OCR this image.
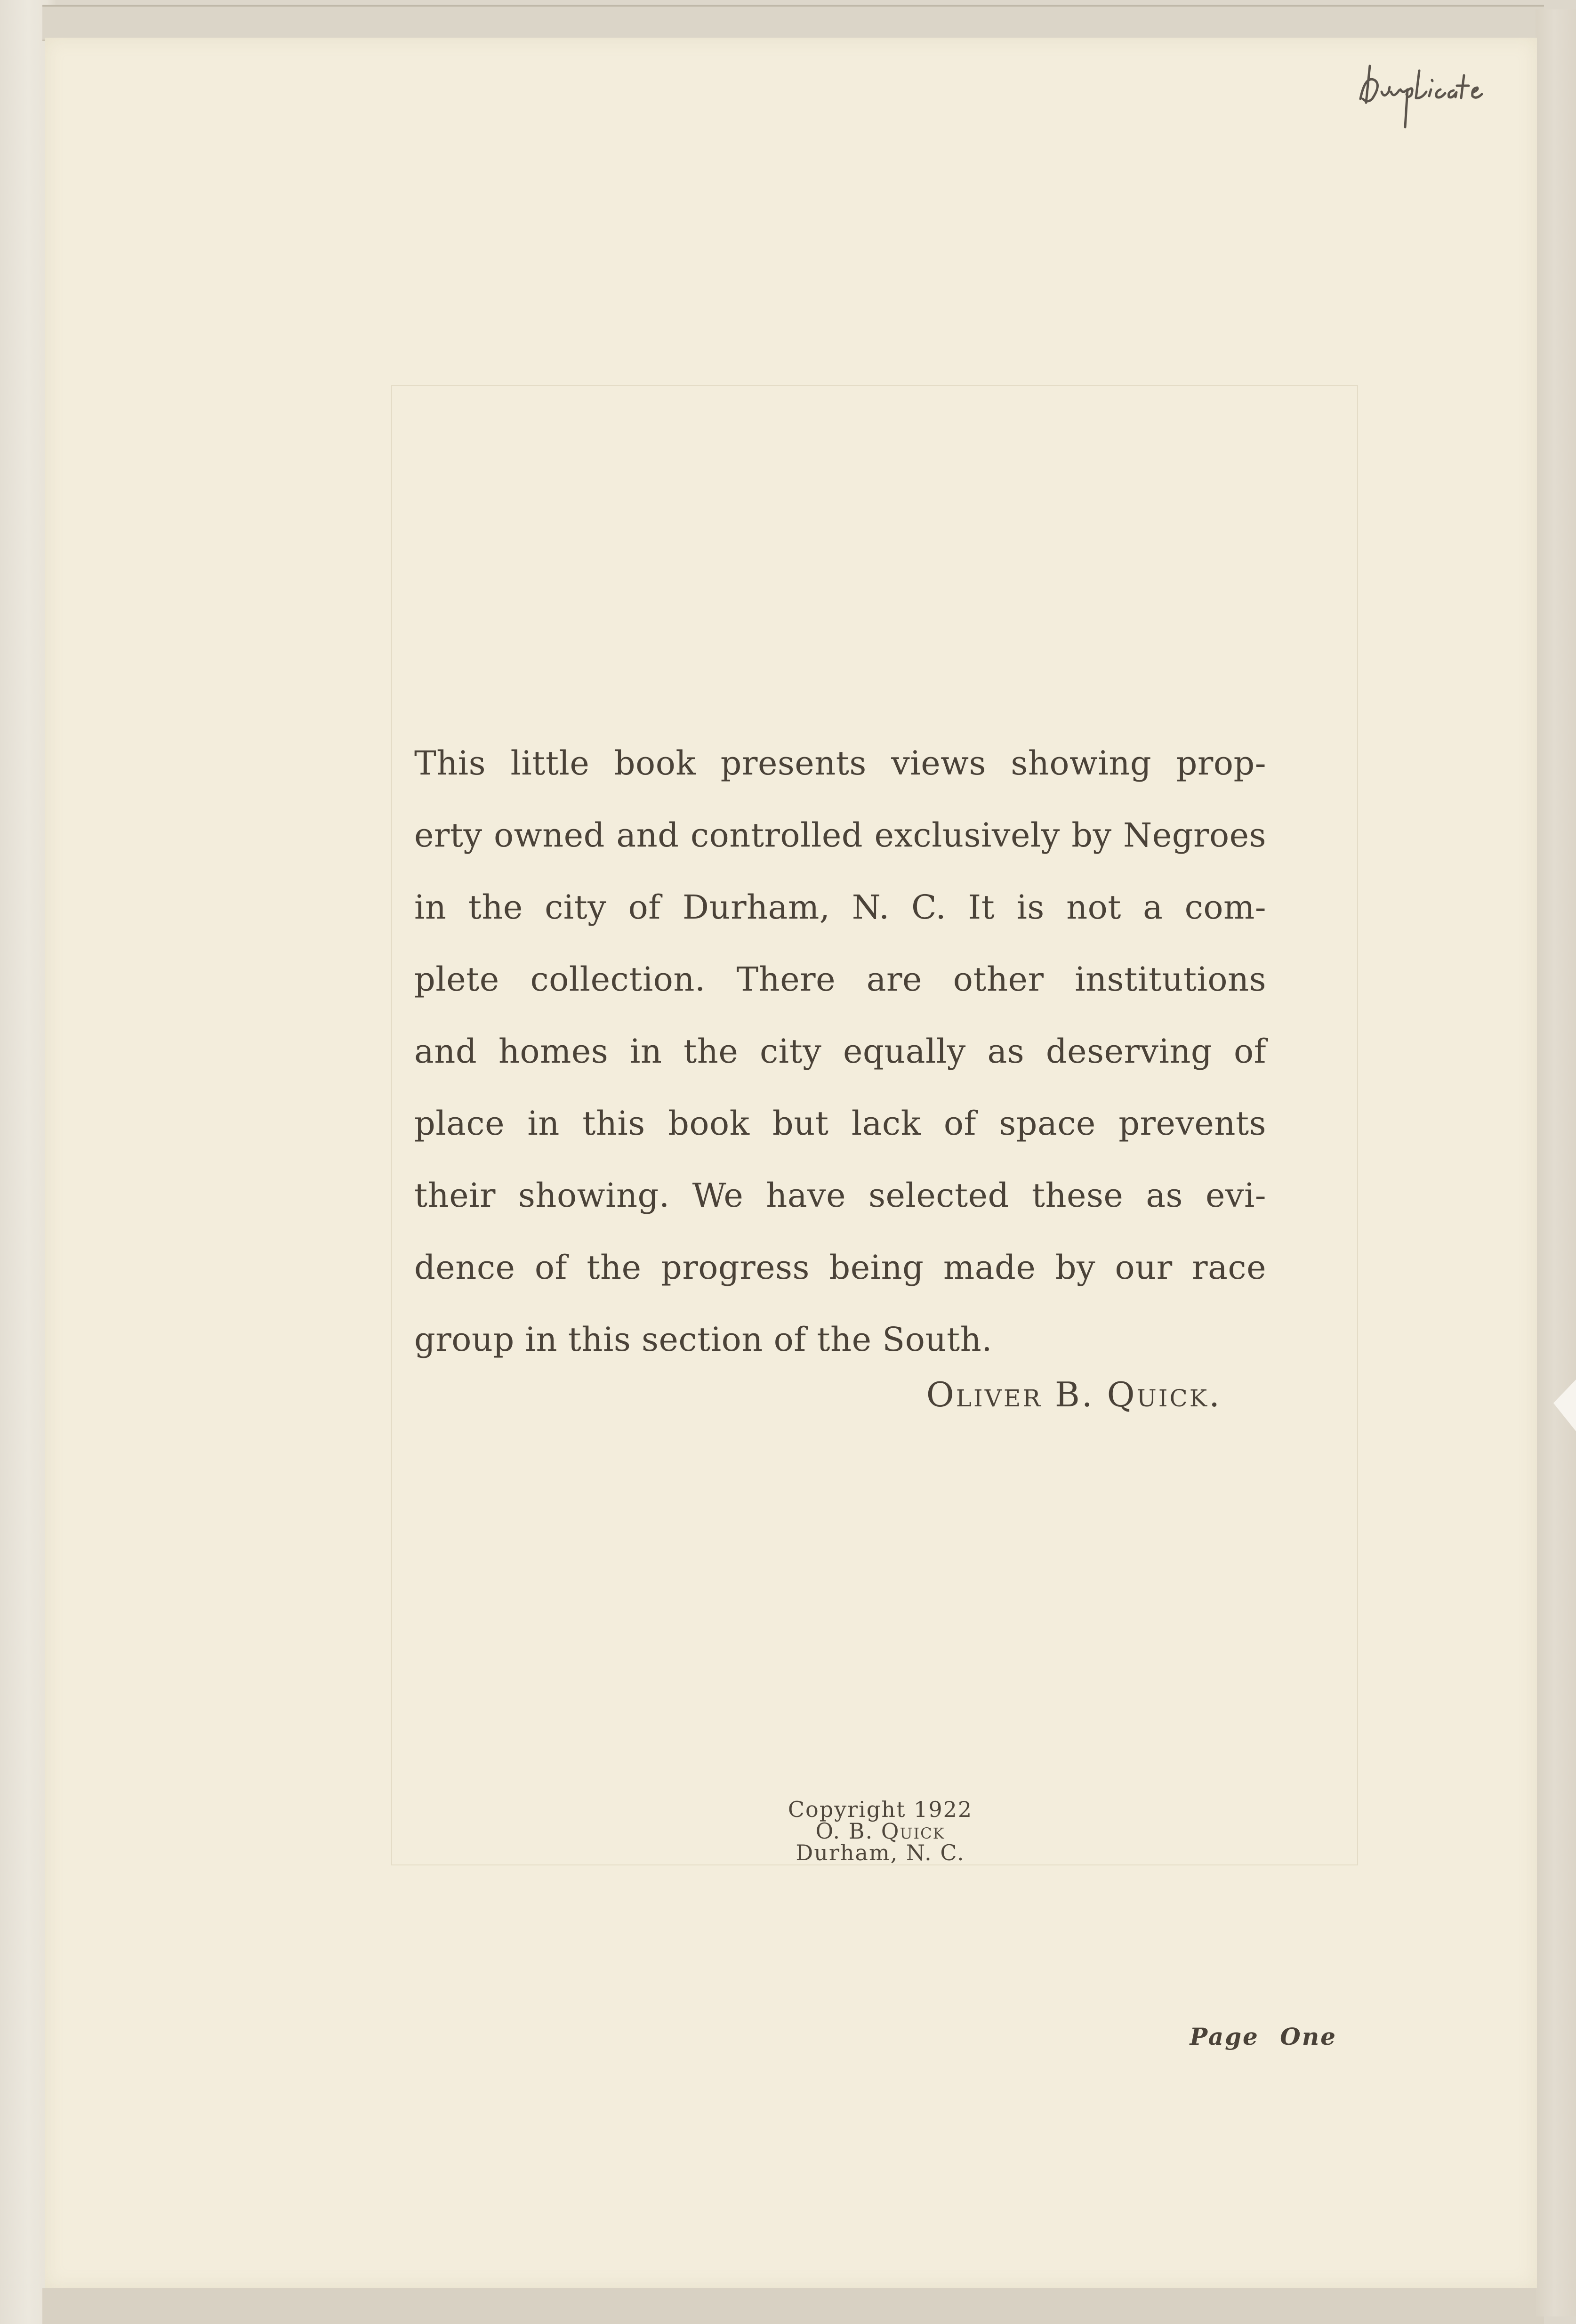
This little book presents views showing prop-
erty owned and controlled exclusively by Negroes
in the city of Durham, N. C. It is not a com-
plete collection. There are other institutions
and homes in the city equally as deserving of
place in this book but lack of space prevents
their showing. We have selected these as evi-
dence of the progress being made by our race
group in this section of the South.
Oliver B. Quick.
Copyright 1922
O. B. Quick
Durham, N. C.
Page One
